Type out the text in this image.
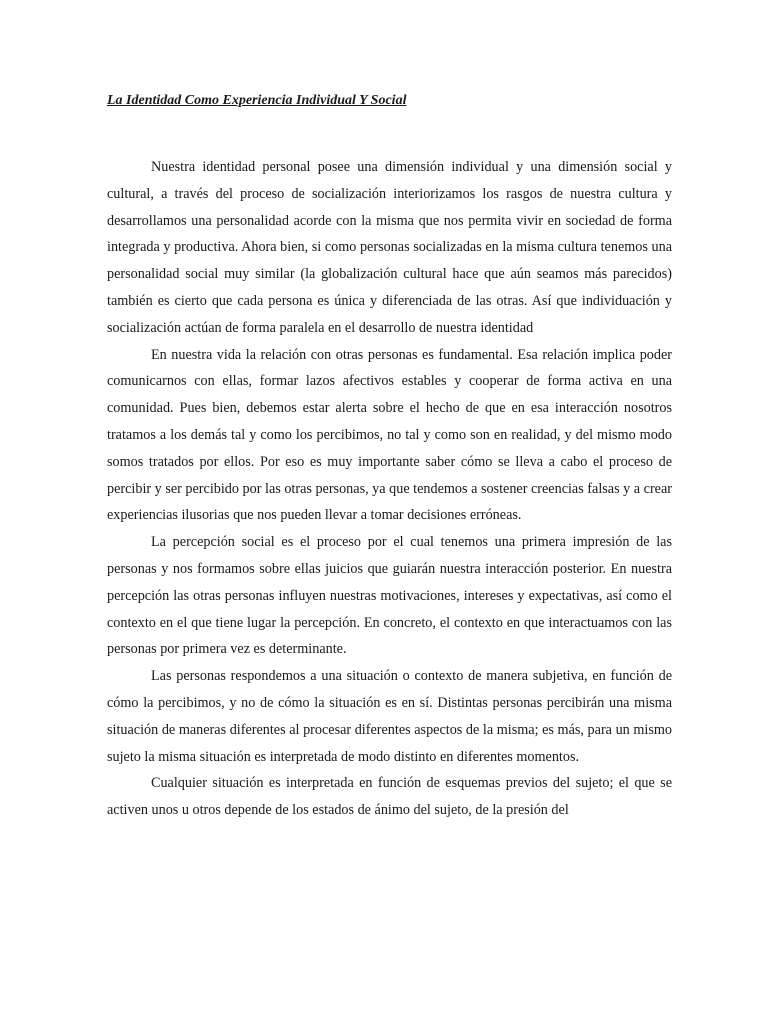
La Identidad Como Experiencia Individual Y Social

Nuestra identidad personal posee una dimensión individual y una dimensión social y cultural, a través del proceso de socialización interiorizamos los rasgos de nuestra cultura y desarrollamos una personalidad acorde con la misma que nos permita vivir en sociedad de forma integrada y productiva. Ahora bien, si como personas socializadas en la misma cultura tenemos una personalidad social muy similar (la globalización cultural hace que aún seamos más parecidos) también es cierto que cada persona es única y diferenciada de las otras. Así que individuación y socialización actúan de forma paralela en el desarrollo de nuestra identidad

En nuestra vida la relación con otras personas es fundamental. Esa relación implica poder comunicarnos con ellas, formar lazos afectivos estables y cooperar de forma activa en una comunidad. Pues bien, debemos estar alerta sobre el hecho de que en esa interacción nosotros tratamos a los demás tal y como los percibimos, no tal y como son en realidad, y del mismo modo somos tratados por ellos. Por eso es muy importante saber cómo se lleva a cabo el proceso de percibir y ser percibido por las otras personas, ya que tendemos a sostener creencias falsas y a crear experiencias ilusorias que nos pueden llevar a tomar decisiones erróneas.

La percepción social es el proceso por el cual tenemos una primera impresión de las personas y nos formamos sobre ellas juicios que guiarán nuestra interacción posterior. En nuestra percepción las otras personas influyen nuestras motivaciones, intereses y expectativas, así como el contexto en el que tiene lugar la percepción. En concreto, el contexto en que interactuamos con las personas por primera vez es determinante.

Las personas respondemos a una situación o contexto de manera subjetiva, en función de cómo la percibimos, y no de cómo la situación es en sí. Distintas personas percibirán una misma situación de maneras diferentes al procesar diferentes aspectos de la misma; es más, para un mismo sujeto la misma situación es interpretada de modo distinto en diferentes momentos.

Cualquier situación es interpretada en función de esquemas previos del sujeto; el que se activen unos u otros depende de los estados de ánimo del sujeto, de la presión del
